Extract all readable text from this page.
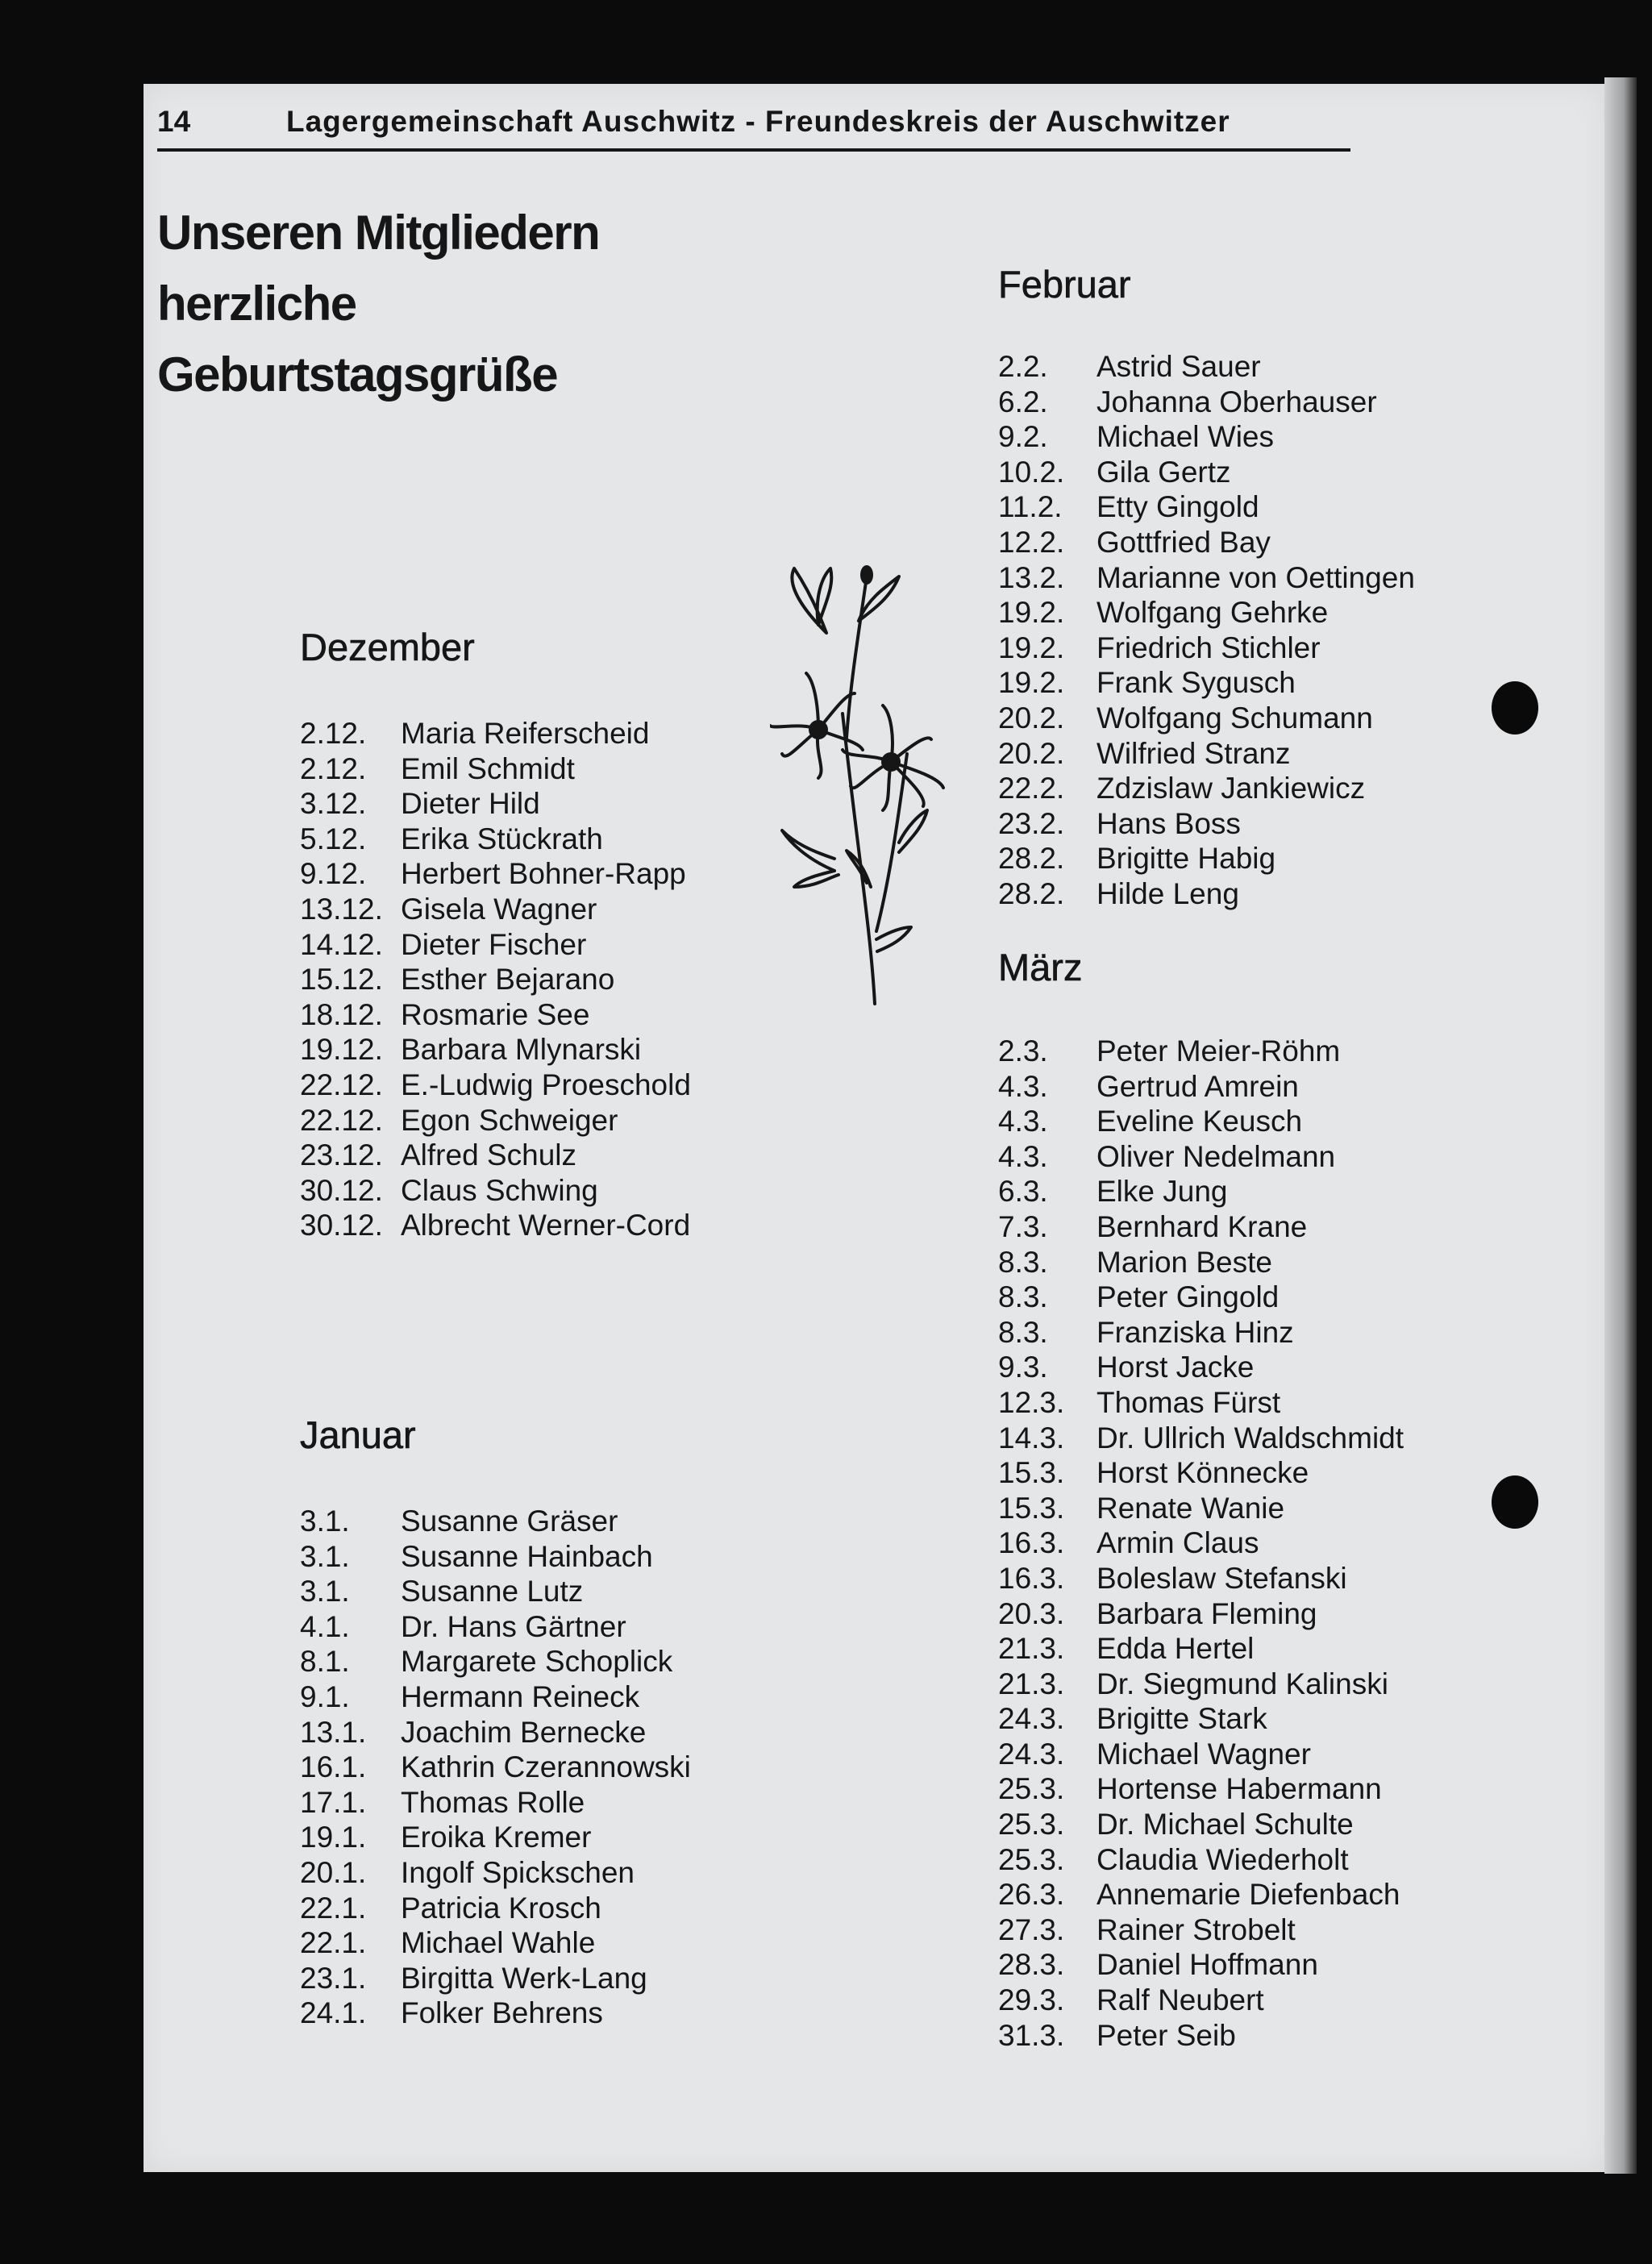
14	Lagergemeinschaft Auschwitz - Freundeskreis der Auschwitzer
Unseren Mitgliedern
herzliche
Geburtstagsgrüße
Dezember
2.12. Maria Reiferscheid
2.12. Emil Schmidt
3.12. Dieter Hild
5.12. Erika Stückrath
9.12. Herbert Bohner-Rapp
13.12. Gisela Wagner
14.12. Dieter Fischer
15.12. Esther Bejarano
18.12. Rosmarie See
19.12. Barbara Mlynarski
22.12. E.-Ludwig Proeschold
22.12. Egon Schweiger
23.12. Alfred Schulz
30.12. Claus Schwing
30.12. Albrecht Werner-Cord
Januar
3.1. Susanne Gräser
3.1. Susanne Hainbach
3.1. Susanne Lutz
4.1. Dr. Hans Gärtner
8.1. Margarete Schoplick
9.1. Hermann Reineck
13.1. Joachim Bernecke
16.1. Kathrin Czerannowski
17.1. Thomas Rolle
19.1. Eroika Kremer
20.1. Ingolf Spickschen
22.1. Patricia Krosch
22.1. Michael Wahle
23.1. Birgitta Werk-Lang
24.1. Folker Behrens
Februar
2.2. Astrid Sauer
6.2. Johanna Oberhauser
9.2. Michael Wies
10.2. Gila Gertz
11.2. Etty Gingold
12.2. Gottfried Bay
13.2. Marianne von Oettingen
19.2. Wolfgang Gehrke
19.2. Friedrich Stichler
19.2. Frank Sygusch
20.2. Wolfgang Schumann
20.2. Wilfried Stranz
22.2. Zdzislaw Jankiewicz
23.2. Hans Boss
28.2. Brigitte Habig
28.2. Hilde Leng
März
2.3. Peter Meier-Röhm
4.3. Gertrud Amrein
4.3. Eveline Keusch
4.3. Oliver Nedelmann
6.3. Elke Jung
7.3. Bernhard Krane
8.3. Marion Beste
8.3. Peter Gingold
8.3. Franziska Hinz
9.3. Horst Jacke
12.3. Thomas Fürst
14.3. Dr. Ullrich Waldschmidt
15.3. Horst Könnecke
15.3. Renate Wanie
16.3. Armin Claus
16.3. Boleslaw Stefanski
20.3. Barbara Fleming
21.3. Edda Hertel
21.3. Dr. Siegmund Kalinski
24.3. Brigitte Stark
24.3. Michael Wagner
25.3. Hortense Habermann
25.3. Dr. Michael Schulte
25.3. Claudia Wiederholt
26.3. Annemarie Diefenbach
27.3. Rainer Strobelt
28.3. Daniel Hoffmann
29.3. Ralf Neubert
31.3. Peter Seib
